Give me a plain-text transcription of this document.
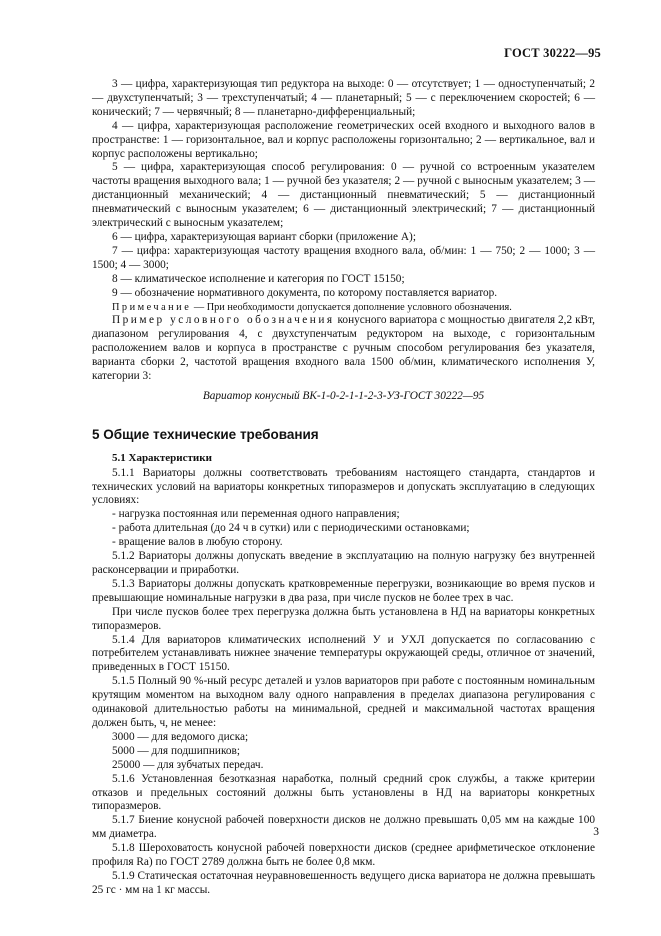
ГОСТ 30222—95

3 — цифра, характеризующая тип редуктора на выходе: 0 — отсутствует; 1 — одноступенчатый; 2 — двухступенчатый; 3 — трехступенчатый; 4 — планетарный; 5 — с переключением скоростей; 6 — конический; 7 — червячный; 8 — планетарно-дифференциальный;

4 — цифра, характеризующая расположение геометрических осей входного и выходного валов в пространстве: 1 — горизонтальное, вал и корпус расположены горизонтально; 2 — вертикальное, вал и корпус расположены вертикально;

5 — цифра, характеризующая способ регулирования: 0 — ручной со встроенным указателем частоты вращения выходного вала; 1 — ручной без указателя; 2 — ручной с выносным указателем; 3 — дистанционный механический; 4 — дистанционный пневматический; 5 — дистанционный пневматический с выносным указателем; 6 — дистанционный электрический; 7 — дистанционный электрический с выносным указателем;

6 — цифра, характеризующая вариант сборки (приложение А);

7 — цифра: характеризующая частоту вращения входного вала, об/мин: 1 — 750; 2 — 1000; 3 — 1500; 4 — 3000;

8 — климатическое исполнение и категория по ГОСТ 15150;

9 — обозначение нормативного документа, по которому поставляется вариатор.

Примечание — При необходимости допускается дополнение условного обозначения.

Пример условного обозначения конусного вариатора с мощностью двигателя 2,2 кВт, диапазоном регулирования 4, с двухступенчатым редуктором на выходе, с горизонтальным расположением валов и корпуса в пространстве с ручным способом регулирования без указателя, варианта сборки 2, частотой вращения входного вала 1500 об/мин, климатического исполнения У, категории 3:

Вариатор конусный ВК-1-0-2-1-1-2-3-УЗ-ГОСТ 30222—95

5 Общие технические требования
5.1 Характеристики

5.1.1 Вариаторы должны соответствовать требованиям настоящего стандарта, стандартов и технических условий на вариаторы конкретных типоразмеров и допускать эксплуатацию в следующих условиях:

- нагрузка постоянная или переменная одного направления;

- работа длительная (до 24 ч в сутки) или с периодическими остановками;

- вращение валов в любую сторону.

5.1.2 Вариаторы должны допускать введение в эксплуатацию на полную нагрузку без внутренней расконсервации и приработки.

5.1.3 Вариаторы должны допускать кратковременные перегрузки, возникающие во время пусков и превышающие номинальные нагрузки в два раза, при числе пусков не более трех в час.

При числе пусков более трех перегрузка должна быть установлена в НД на вариаторы конкретных типоразмеров.

5.1.4 Для вариаторов климатических исполнений У и УХЛ допускается по согласованию с потребителем устанавливать нижнее значение температуры окружающей среды, отличное от значений, приведенных в ГОСТ 15150.

5.1.5 Полный 90 %-ный ресурс деталей и узлов вариаторов при работе с постоянным номинальным крутящим моментом на выходном валу одного направления в пределах диапазона регулирования с одинаковой длительностью работы на минимальной, средней и максимальной частотах вращения должен быть, ч, не менее:

3000 — для ведомого диска;

5000 — для подшипников;

25000 — для зубчатых передач.

5.1.6 Установленная безотказная наработка, полный средний срок службы, а также критерии отказов и предельных состояний должны быть установлены в НД на вариаторы конкретных типоразмеров.

5.1.7 Биение конусной рабочей поверхности дисков не должно превышать 0,05 мм на каждые 100 мм диаметра.

5.1.8 Шероховатость конусной рабочей поверхности дисков (среднее арифметическое отклонение профиля Ra) по ГОСТ 2789 должна быть не более 0,8 мкм.

5.1.9 Статическая остаточная неуравновешенность ведущего диска вариатора не должна превышать 25 гс · мм на 1 кг массы.

3
